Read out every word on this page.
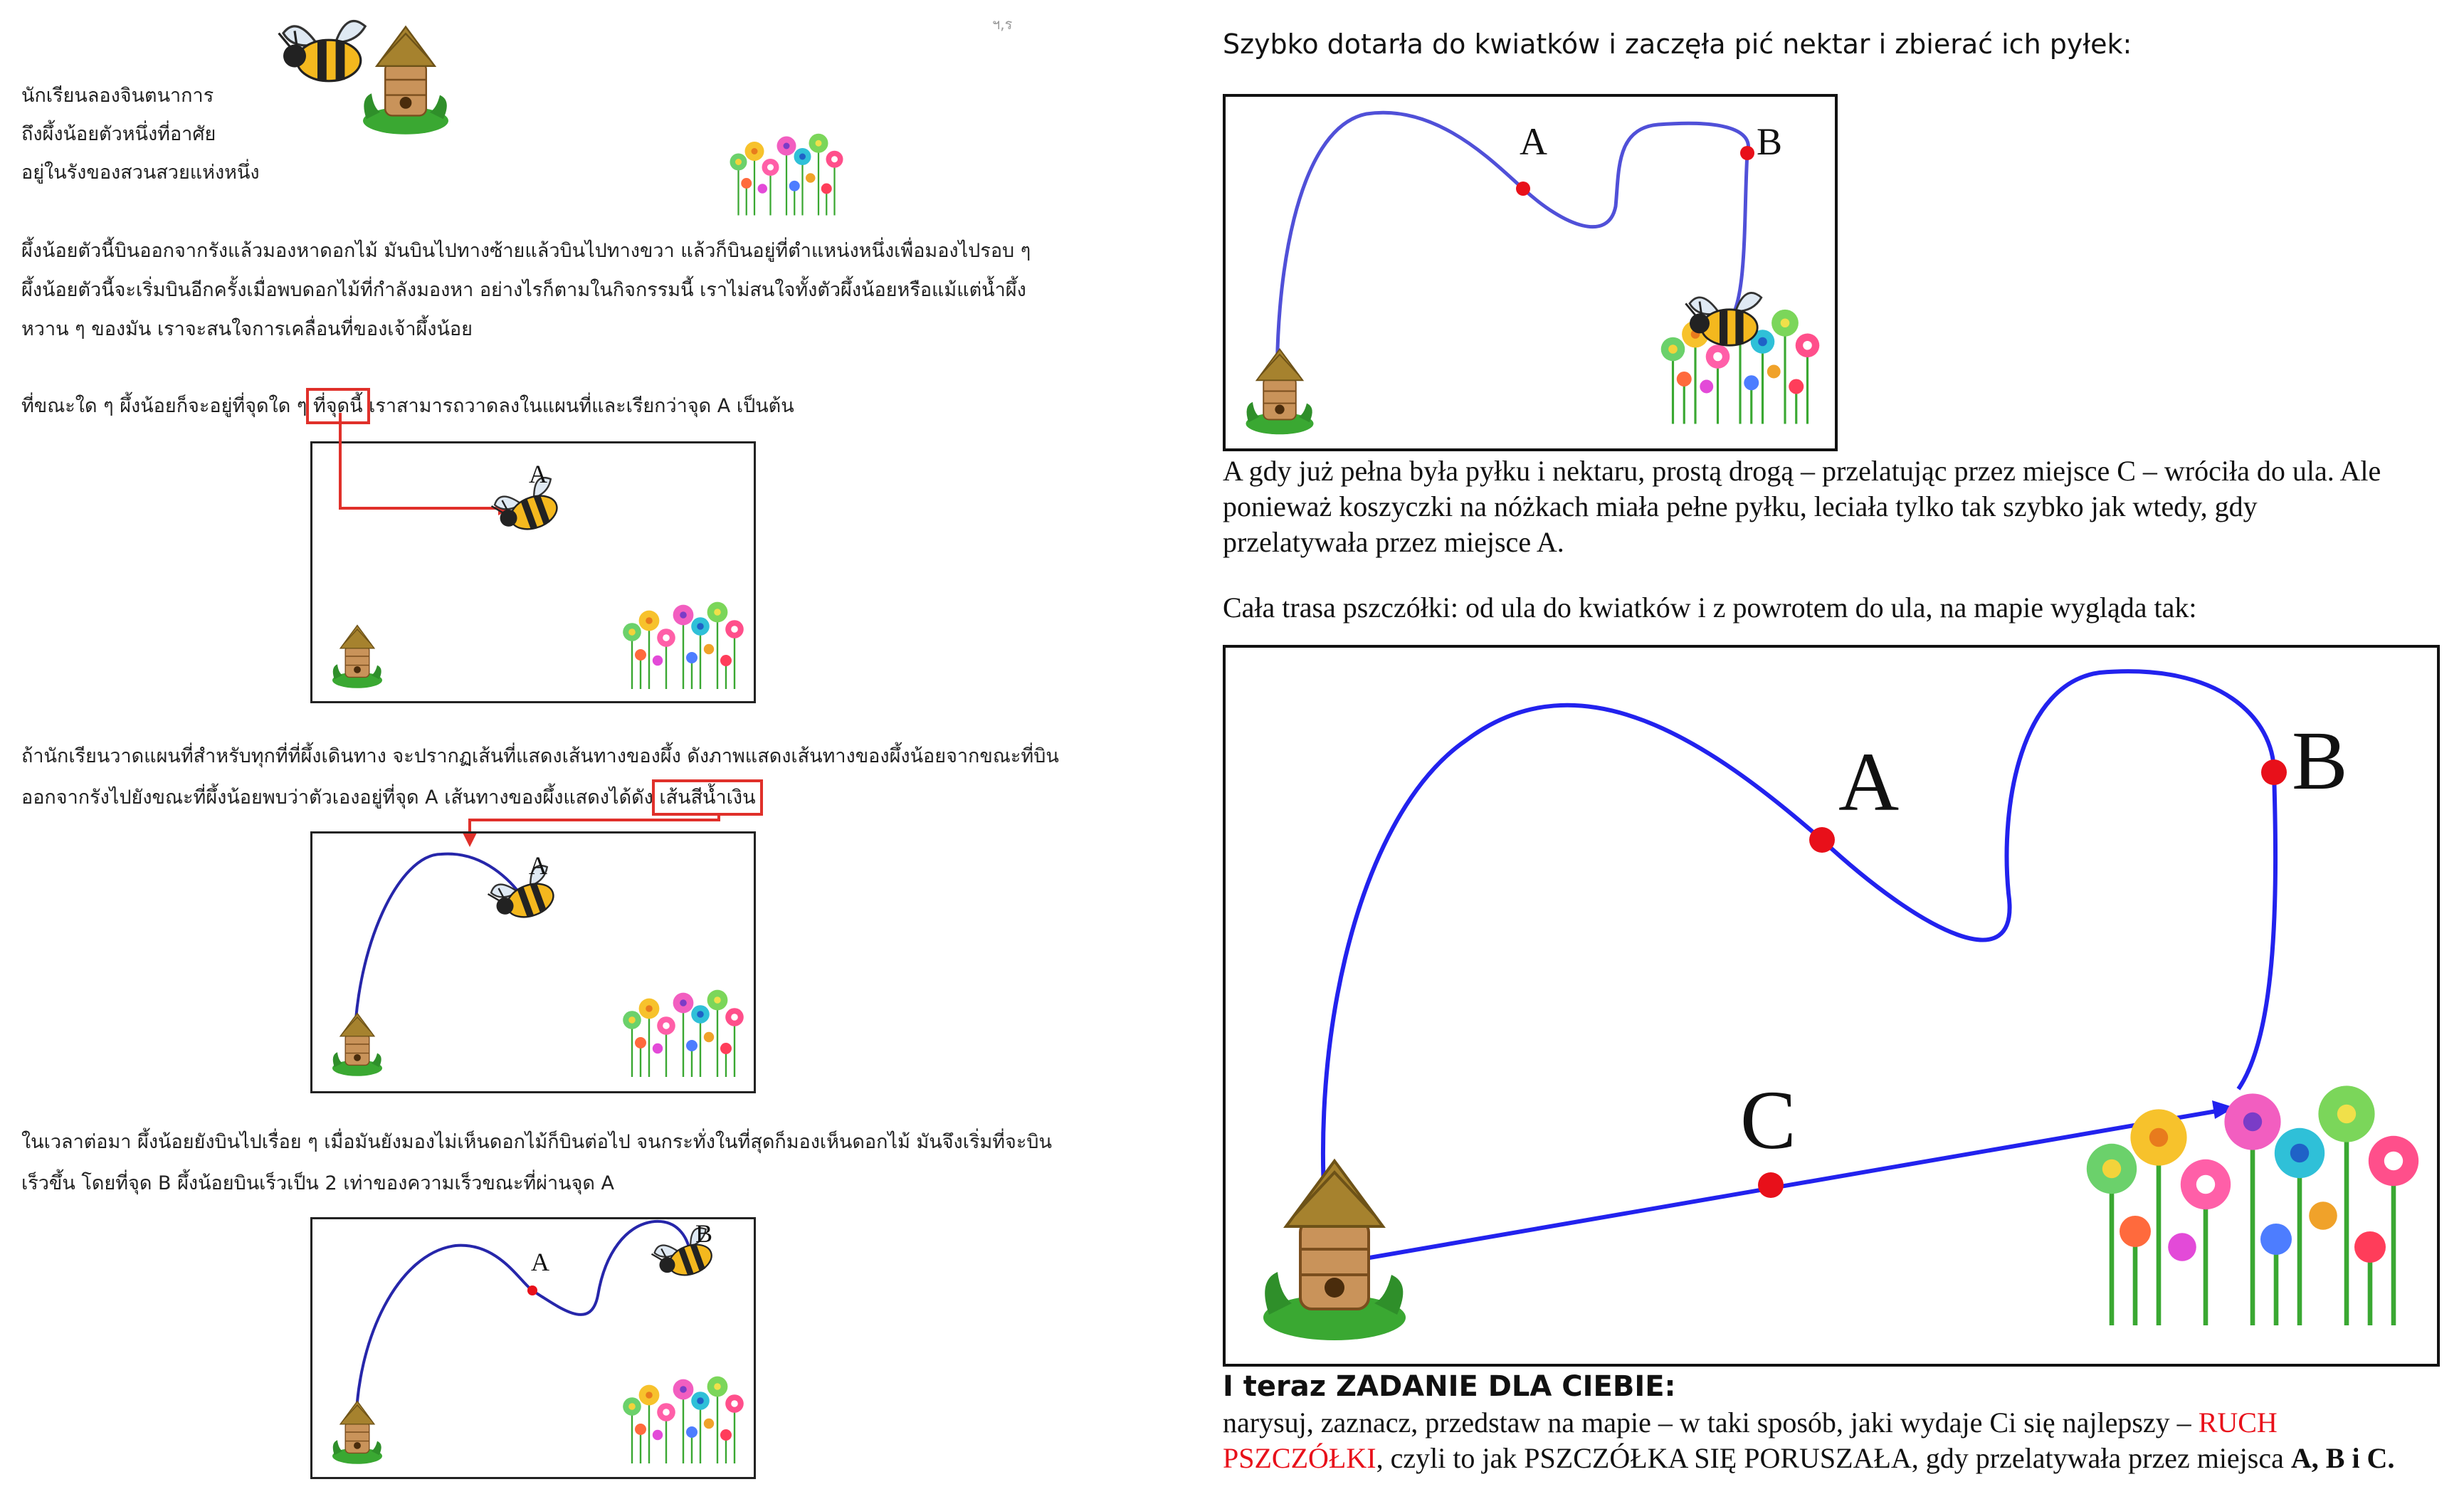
ฯ,ร
นักเรียนลองจินตนาการ
ถึงผึ้งน้อยตัวหนึ่งที่อาศัย
อยู่ในรังของสวนสวยแห่งหนึ่ง
ผึ้งน้อยตัวนี้บินออกจากรังแล้วมองหาดอกไม้ มันบินไปทางซ้ายแล้วบินไปทางขวา แล้วก็บินอยู่ที่ตำแหน่งหนึ่งเพื่อมองไปรอบ ๆ
ผึ้งน้อยตัวนี้จะเริ่มบินอีกครั้งเมื่อพบดอกไม้ที่กำลังมองหา อย่างไรก็ตามในกิจกรรมนี้ เราไม่สนใจทั้งตัวผึ้งน้อยหรือแม้แต่น้ำผึ้ง
หวาน ๆ ของมัน เราจะสนใจการเคลื่อนที่ของเจ้าผึ้งน้อย
ที่ขณะใด ๆ ผึ้งน้อยก็จะอยู่ที่จุดใด ๆ ที่จุดนี้ เราสามารถวาดลงในแผนที่และเรียกว่าจุด A เป็นต้น
A
ถ้านักเรียนวาดแผนที่สำหรับทุกที่ที่ผึ้งเดินทาง จะปรากฏเส้นที่แสดงเส้นทางของผึ้ง ดังภาพแสดงเส้นทางของผึ้งน้อยจากขณะที่บิน
ออกจากรังไปยังขณะที่ผึ้งน้อยพบว่าตัวเองอยู่ที่จุด A เส้นทางของผึ้งแสดงได้ดัง เส้นสีน้ำเงิน
A
ในเวลาต่อมา ผึ้งน้อยยังบินไปเรื่อย ๆ เมื่อมันยังมองไม่เห็นดอกไม้ก็บินต่อไป จนกระทั่งในที่สุดก็มองเห็นดอกไม้ มันจึงเริ่มที่จะบิน
เร็วขึ้น โดยที่จุด B ผึ้งน้อยบินเร็วเป็น 2 เท่าของความเร็วขณะที่ผ่านจุด A
A
B
Szybko dotarła do kwiatków i zaczęła pić nektar i zbierać ich pyłek:
A	B
A gdy już pełna była pyłku i nektaru, prostą drogą – przelatując przez miejsce C – wróciła do ula. Ale
ponieważ koszyczki na nóżkach miała pełne pyłku, leciała tylko tak szybko jak wtedy, gdy
przelatywała przez miejsce A.
Cała trasa pszczółki: od ula do kwiatków i z powrotem do ula, na mapie wygląda tak:
A	B
C
I teraz ZADANIE DLA CIEBIE:
narysuj, zaznacz, przedstaw na mapie – w taki sposób, jaki wydaje Ci się najlepszy – RUCH
PSZCZÓŁKI, czyli to jak PSZCZÓŁKA SIĘ PORUSZAŁA, gdy przelatywała przez miejsca A, B i C.
